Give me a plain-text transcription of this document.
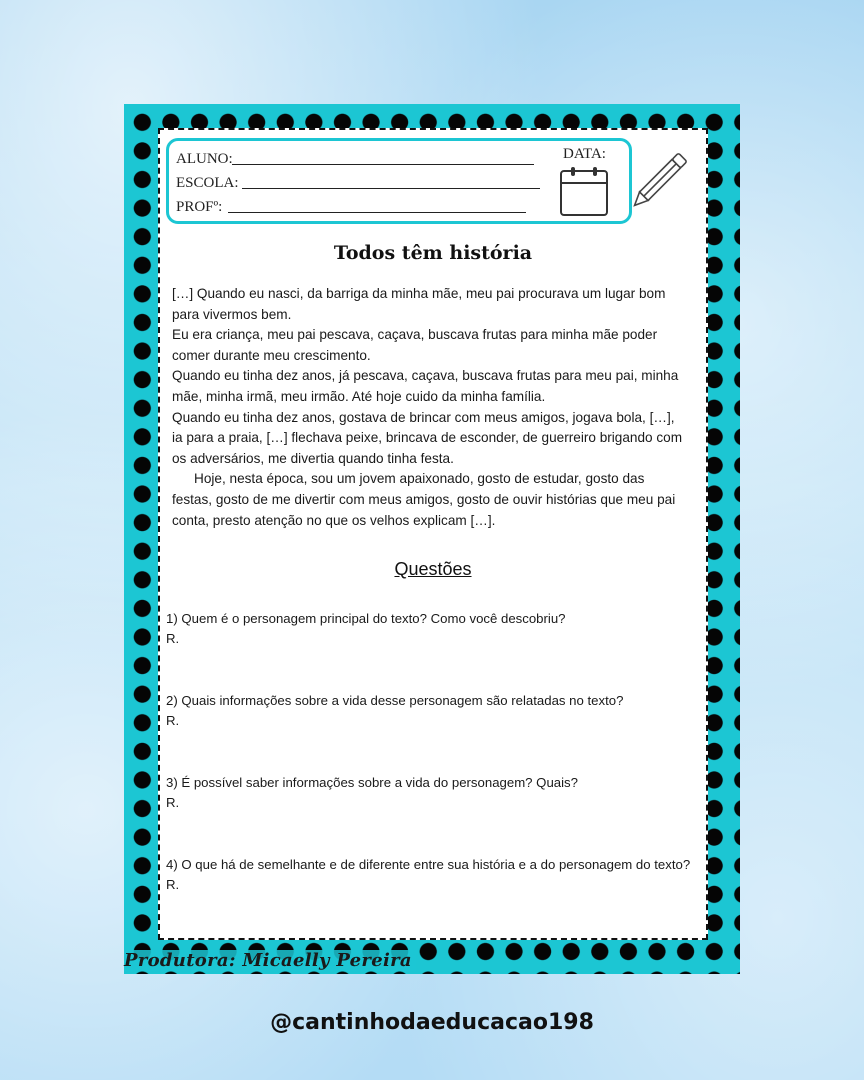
ALUNO:
ESCOLA:
PROFº:
DATA:
Todos têm história

[…] Quando eu nasci, da barriga da minha mãe, meu pai procurava um lugar bom para vivermos bem.

Eu era criança, meu pai pescava, caçava, buscava frutas para minha mãe poder comer durante meu crescimento.

Quando eu tinha dez anos, já pescava, caçava, buscava frutas para meu pai, minha mãe, minha irmã, meu irmão. Até hoje cuido da minha família.

Quando eu tinha dez anos, gostava de brincar com meus amigos, jogava bola, […], ia para a praia, […] flechava peixe, brincava de esconder, de guerreiro brigando com os adversários, me divertia quando tinha festa.

Hoje, nesta época, sou um jovem apaixonado, gosto de estudar, gosto das festas, gosto de me divertir com meus amigos, gosto de ouvir histórias que meu pai conta, presto atenção no que os velhos explicam […].

Questões
1) Quem é o personagem principal do texto? Como você descobriu?
R.
2) Quais informações sobre a vida desse personagem são relatadas no texto?
R.
3) É possível saber informações sobre a vida do personagem? Quais?
R.
4) O que há de semelhante e de diferente entre sua história e a do personagem do texto?
R.
Produtora: Micaelly Pereira
@cantinhodaeducacao198
